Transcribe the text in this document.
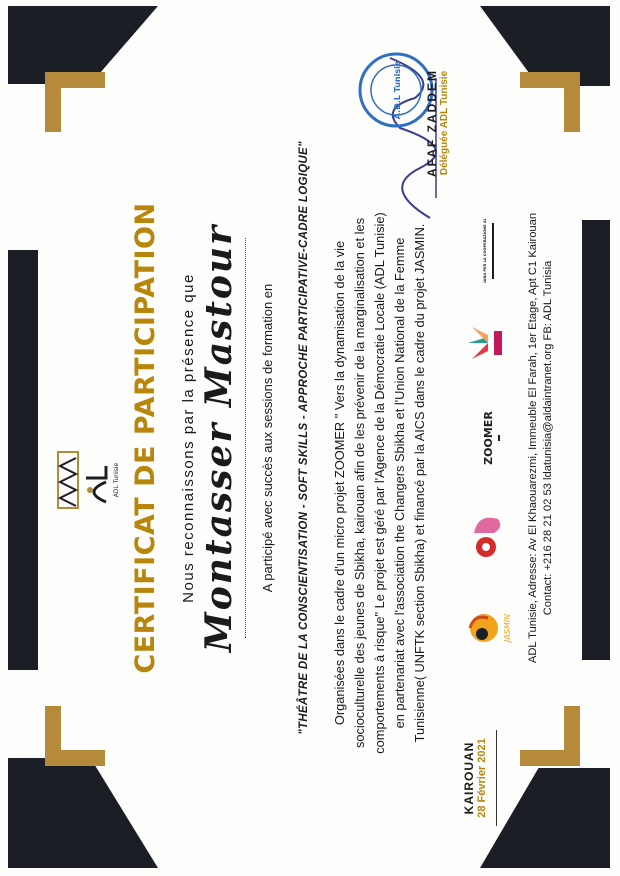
ADL Tunisie CERTIFICAT DE PARTICIPATION Nous reconnaissons par la présence que Montasser Mastour A participé avec succès aux sessions de formation en "THÉÂTRE DE LA CONSCIENTISATION - SOFT SKILLS - APPROCHE PARTICIPATIVE-CADRE LOGIQUE" Organisées dans le cadre d'un micro projet ZOOMER " Vers la dynamisation de la vie socioculturelle des jeunes de Sbikha, kairouan afin de les prévenir de la marginalisation et les comportements à risque" Le projet est géré par l'Agence de la Démocratie Locale (ADL Tunisie) en partenariat avec l'association the Changers Sbikha et l'Union National de la Femme Tunisienne( UNFTK section Sbikha) et financé par la AICS dans le cadre du projet JASMIN.
KAIROUAN 28 Février 2021
JASMIN
ZOOMER
AGENZIA ITALIANA PER LA COOPERAZIONE ALLO SVILUPPO	ADL Tunisie, Adresse: Av El Khaouarezmi, Immeuble El Farah, 1er Etage, Apt C1 Kairouan Contact: +216 28 21 02 53 ldatunisia@aldaintranet.org FB: ADL Tunisia
A.D.L Tunisie AFAF ZADDEM Déléguée ADL Tunisie
